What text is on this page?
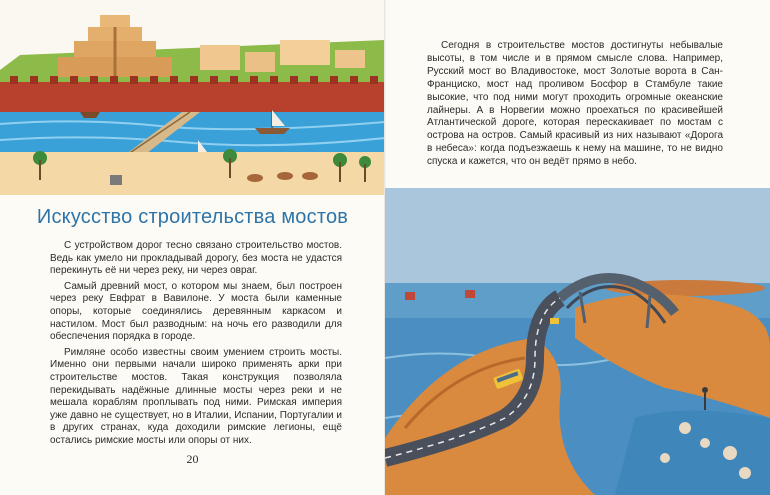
Искусство строительства мостов

С устройством дорог тесно связано строительство мостов. Ведь как умело ни прокладывай дорогу, без моста не удастся перекинуть её ни через реку, ни через овраг.

Самый древний мост, о котором мы знаем, был построен через реку Евфрат в Вавилоне. У моста были каменные опоры, которые соединялись деревянным каркасом и настилом. Мост был разводным: на ночь его разводили для обеспечения порядка в городе.

Римляне особо известны своим умением строить мосты. Именно они первыми начали широко применять арки при строительстве мостов. Такая конструкция позволяла перекидывать надёжные длинные мосты через реки и не мешала кораблям проплывать под ними. Римская империя уже давно не существует, но в Италии, Испании, Португалии и в других странах, куда доходили римские легионы, ещё остались римские мосты или опоры от них.

20

Сегодня в строительстве мостов достигнуты небывалые высоты, в том числе и в прямом смысле слова. Например, Русский мост во Владивостоке, мост Золотые ворота в Сан-Франциско, мост над проливом Босфор в Стамбуле такие высокие, что под ними могут проходить огромные океанские лайнеры. А в Норвегии можно проехаться по красивейшей Атлантической дороге, которая перескакивает по мостам с острова на остров. Самый красивый из них называют «Дорога в небеса»: когда подъезжаешь к нему на машине, то не видно спуска и кажется, что он ведёт прямо в небо.
